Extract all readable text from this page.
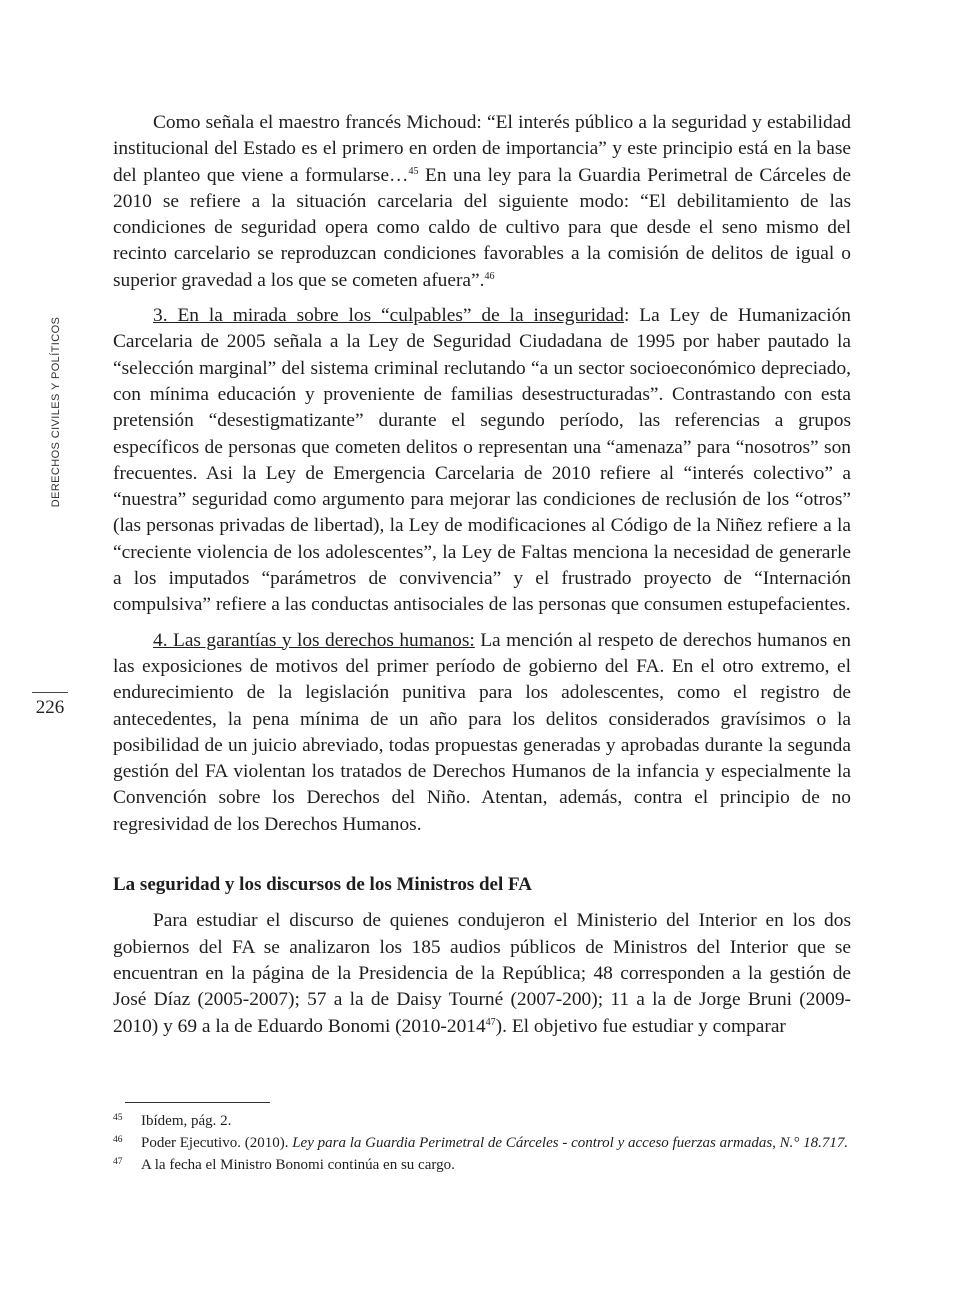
DERECHOS CIVILES Y POLÍTICOS
226

Como señala el maestro francés Michoud: “El interés público a la seguridad y estabilidad institucional del Estado es el primero en orden de importancia” y este principio está en la base del planteo que viene a formularse…$^{45}$ En una ley para la Guardia Perimetral de Cárceles de 2010 se refiere a la situación carcelaria del siguiente modo: “El debilitamiento de las condiciones de seguridad opera como caldo de cultivo para que desde el seno mismo del recinto carcelario se reproduzcan condiciones favorables a la comisión de delitos de igual o superior gravedad a los que se cometen afuera”.$^{46}$

3. En la mirada sobre los “culpables” de la inseguridad: La Ley de Humanización Carcelaria de 2005 señala a la Ley de Seguridad Ciudadana de 1995 por haber pautado la “selección marginal” del sistema criminal reclutando “a un sector socioeconómico depreciado, con mínima educación y proveniente de familias desestructuradas”. Contrastando con esta pretensión “desestigmatizante” durante el segundo período, las referencias a grupos específicos de personas que cometen delitos o representan una “amenaza” para “nosotros” son frecuentes. Asi la Ley de Emergencia Carcelaria de 2010 refiere al “interés colectivo” a “nuestra” seguridad como argumento para mejorar las condiciones de reclusión de los “otros” (las personas privadas de libertad), la Ley de modificaciones al Código de la Niñez refiere a la “creciente violencia de los adolescentes”, la Ley de Faltas menciona la necesidad de generarle a los imputados “parámetros de convivencia” y el frustrado proyecto de “Internación compulsiva” refiere a las conductas antisociales de las personas que consumen estupefacientes.

4. Las garantías y los derechos humanos: La mención al respeto de derechos humanos en las exposiciones de motivos del primer período de gobierno del FA. En el otro extremo, el endurecimiento de la legislación punitiva para los adolescentes, como el registro de antecedentes, la pena mínima de un año para los delitos considerados gravísimos o la posibilidad de un juicio abreviado, todas propuestas generadas y aprobadas durante la segunda gestión del FA violentan los tratados de Derechos Humanos de la infancia y especialmente la Convención sobre los Derechos del Niño. Atentan, además, contra el principio de no regresividad de los Derechos Humanos.

La seguridad y los discursos de los Ministros del FA

Para estudiar el discurso de quienes condujeron el Ministerio del Interior en los dos gobiernos del FA se analizaron los 185 audios públicos de Ministros del Interior que se encuentran en la página de la Presidencia de la República; 48 corresponden a la gestión de José Díaz (2005-2007); 57 a la de Daisy Tourné (2007-200); 11 a la de Jorge Bruni (2009-2010) y 69 a la de Eduardo Bonomi (2010-2014$^{47}$). El objetivo fue estudiar y comparar

45 Ibídem, pág. 2.

46 Poder Ejecutivo. (2010). Ley para la Guardia Perimetral de Cárceles - control y acceso fuerzas armadas, N.° 18.717.

47 A la fecha el Ministro Bonomi continúa en su cargo.
